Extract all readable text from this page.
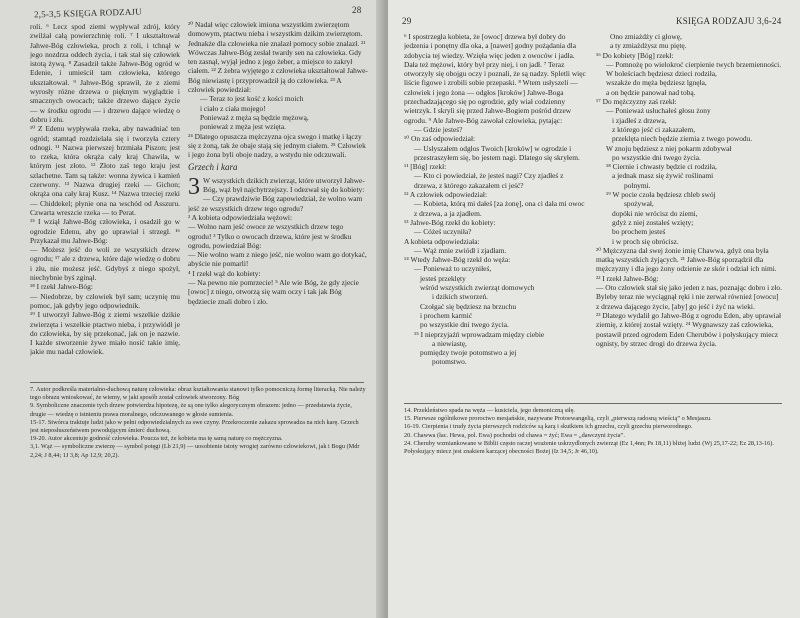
2,5-3,5 KSIĘGA RODZAJU	28

roli. ⁶ Lecz spod ziemi wypływał zdrój, który zwilżał całą powierzchnię roli. ⁷ I ukształtował Jahwe-Bóg człowieka, proch z roli, i tchnął w jego nozdrza oddech życia, i tak stał się człowiek istotą żywą. ⁸ Zasadził także Jahwe-Bóg ogród w Edenie, i umieścił tam człowieka, którego ukształtował. ⁹ Jahwe-Bóg sprawił, że z ziemi wyrosły różne drzewa o pięknym wyglądzie i smacznych owocach; także drzewo dające życie — w środku ogrodu — i drzewo dające wiedzę o dobru i złu.

¹⁰ Z Edenu wypływała rzeka, aby nawadniać ten ogród; stamtąd rozdzielała się i tworzyła cztery odnogi. ¹¹ Nazwa pierwszej brzmiała Piszon; jest to rzeka, która okrąża cały kraj Chawila, w którym jest złoto. ¹² Złoto zaś tego kraju jest szlachetne. Tam są także: wonna żywica i kamień czerwony. ¹³ Nazwa drugiej rzeki — Gichon; okrąża ona cały kraj Kusz. ¹⁴ Nazwa trzeciej rzeki — Chiddekel; płynie ona na wschód od Asszuru. Czwarta wreszcie rzeka — to Perat.

¹⁵ I wziął Jahwe-Bóg człowieka, i osadził go w ogrodzie Edenu, aby go uprawiał i strzegł. ¹⁶ Przykazał mu Jahwe-Bóg:

— Możesz jeść do woli ze wszystkich drzew ogrodu; ¹⁷ ale z drzewa, które daje wiedzę o dobru i złu, nie możesz jeść. Gdybyś z niego spożył, niechybnie byś zginął.

¹⁸ I rzekł Jahwe-Bóg:

— Niedobrze, by człowiek był sam; uczynię mu pomoc, jak gdyby jego odpowiednik.

¹⁹ I utworzył Jahwe-Bóg z ziemi wszelkie dzikie zwierzęta i wszelkie ptactwo nieba, i przywiódł je do człowieka, by się przekonać, jak on je nazwie. I każde stworzenie żywe miało nosić takie imię, jakie mu nadał człowiek.

²⁰ Nadał więc człowiek imiona wszystkim zwierzętom domowym, ptactwu nieba i wszystkim dzikim zwierzętom. Jednakże dla człowieka nie znalazł pomocy sobie znalazł. ²¹ Wówczas Jahwe-Bóg zesłał twardy sen na człowieka. Gdy ten zasnął, wyjął jedno z jego żeber, a miejsce to zakrył ciałem. ²² Z żebra wyjętego z człowieka ukształtował Jahwe-Bóg niewiastę i przyprowadził ją do człowieka. ²³ A człowiek powiedział:

— Teraz to jest kość z kości moich

i ciało z ciała mojego!

Ponieważ z męża są będzie mężową,

ponieważ z męża jest wzięta.

²⁴ Dlatego opuszcza mężczyzna ojca swego i matkę i łączy się z żoną, tak że obaje stają się jednym ciałem. ²⁵ Człowiek i jego żona byli oboje nadzy, a wstydu nie odczuwali.

Grzech i kara

3 W wszystkich dzikich zwierząt, które utworzył Jahwe-Bóg, wąż był najchytrzejszy. I odezwał się do kobiety:

— Czy prawdziwie Bóg zapowiedział, że wolno wam jeść ze wszystkich drzew tego ogrodu?

² A kobieta odpowiedziała wężowi:

— Wolno nam jeść owoce ze wszystkich drzew tego ogrodu! ³ Tylko o owocach drzewa, które jest w środku ogrodu, powiedział Bóg:

— Nie wolno wam z niego jeść, nie wolno wam go dotykać, abyście nie pomarli!

⁴ I rzekł wąż do kobiety:

— Na pewno nie pomrzecie! ⁵ Ale wie Bóg, że gdy zjecie [owoc] z niego, otworzą się wam oczy i tak jak Bóg będziecie znali dobro i zło.

7. Autor podkreśla materialno-duchową naturę człowieka: obraz kształtowania stanowi tylko pomocniczą formę literacką. Nie należy tego obrazu wnioskować, że wiemy, w jaki sposób został człowiek stworzony. Bóg

9. Symboliczne znaczenie tych drzew potwierdza hipotezę, że są one tylko alegorycznym obrazem: jedno — przedstawia życie, drugie — wiedzę o istnieniu prawa moralnego, odczuwanego w głosie sumienia.

15-17. Stwórca traktuje ludzi jako w pełni odpowiedzialnych za swe czyny. Przekroczenie zakazu sprowadza na nich karę. Grzech jest nieposłuszeństwem powodującym śmierć duchową.

19-20. Autor akcentuje godność człowieka. Poucza też, że kobieta ma tę samą naturę co mężczyzna.

3,1. Wąż — symboliczne zwierzę — symbol potęgi (Lb 21,9) — uosobienie istoty wrogiej zarówno człowiekowi, jak i Bogu (Mdr 2,24; J 8,44; 1J 3,8; Ap 12,9; 20,2).

29	KSIĘGA RODZAJU 3,6-24

⁶ I spostrzegła kobieta, że [owoc] drzewa był dobry do jedzenia i ponętny dla oka, a [nawet] godny pożądania dla zdobycia tej wiedzy. Wzięła więc jeden z owoców i jadła. Dała też mężowi, który był przy niej, i on jadł. ⁷ Teraz otworzyły się obojgu oczy i poznali, że są nadzy. Spletli więc liście figowe i zrobili sobie przepaski. ⁸ Wtem usłyszeli — człowiek i jego żona — odgłos [kroków] Jahwe-Boga przechadzającego się po ogrodzie, gdy wiał codzienny wietrzyk. I skryli się przed Jahwe-Bogiem pośród drzew ogrodu. ⁹ Ale Jahwe-Bóg zawołał człowieka, pytając:

— Gdzie jesteś?

¹⁰ On zaś odpowiedział:

— Usłyszałem odgłos Twoich [kroków] w ogrodzie i przestraszyłem się, bo jestem nagi. Dlatego się skryłem.

¹¹ [Bóg] rzekł:

— Kto ci powiedział, że jesteś nagi? Czy zjadłeś z drzewa, z którego zakazałem ci jeść?

¹² A człowiek odpowiedział:

— Kobieta, którą mi dałeś [za żonę], ona ci dała mi owoc z drzewa, a ja zjadłem.

¹³ Jahwe-Bóg rzekł do kobiety:

— Cóżeś uczyniła?

A kobieta odpowiedziała:

— Wąż mnie zwiódł i zjadłam.

¹⁴ Wtedy Jahwe-Bóg rzekł do węża:

— Ponieważ to uczyniłeś,

jesteś przeklęty

wśród wszystkich zwierząt domowych

i dzikich stworzeń.

Czołgać się będziesz na brzuchu

i prochem karmić

po wszystkie dni twego życia.

¹⁵ I nieprzyjaźń wprowadzam między ciebie

a niewiastę,

pomiędzy twoje potomstwo a jej

potomstwo.

Ono zmiażdży ci głowę,

a ty zmiażdżysz mu piętę.

¹⁶ Do kobiety [Bóg] rzekł:

— Pomnożę po wielokroć cierpienie twych brzemienności.

W boleściach będziesz dzieci rodziła,

wszakże do męża będziesz lgnęła,

a on będzie panował nad tobą.

¹⁷ Do mężczyzny zaś rzekł:

— Ponieważ usłuchałeś głosu żony

i zjadłeś z drzewa,

z którego jeść ci zakazałem,

przeklęta niech będzie ziemia z twego powodu.

W znoju będziesz z niej pokarm zdobywał

po wszystkie dni twego życia.

¹⁸ Ciernie i chwasty będzie ci rodziła,

a jednak masz się żywić roślinami

polnymi.

¹⁹ W pocie czoła będziesz chleb swój

spożywał,

dopóki nie wrócisz do ziemi,

gdyż z niej zostałeś wzięty;

bo prochem jesteś

i w proch się obrócisz.

²⁰ Mężczyzna dał swej żonie imię Chawwa, gdyż ona była matką wszystkich żyjących. ²¹ Jahwe-Bóg sporządził dla mężczyzny i dla jego żony odzienie ze skór i odział ich nimi. ²² I rzekł Jahwe-Bóg:

— Oto człowiek stał się jako jeden z nas, poznając dobro i zło. Byleby teraz nie wyciągnął ręki i nie zerwał również [owocu] z drzewa dającego życie, [aby] go jeść i żyć na wieki.

²³ Dlatego wydalił go Jahwe-Bóg z ogrodu Eden, aby uprawiał ziemię, z której został wzięty. ²⁴ Wygnawszy zaś człowieka, postawił przed ogrodem Eden Cherubów i połyskujący miecz ognisty, by strzec drogi do drzewa życia.

14. Przekleństwo spada na węża — kusiciela, jego demoniczną siłę.

15. Pierwsze ogólnikowe proroctwo mesjańskie, nazywane Protoewangelią, czyli „pierwszą radosną wieścią” o Mesjaszu.

16-19. Cierpienia i trudy życia pierwszych rodziców są karą i skutkiem ich grzechu, czyli grzechu pierworodnego.

20. Chawwa (łac. Hewa, pol. Ewa) pochodzi od chawa = żyć; Ewa = „dawczyni życia”.

24. Cheruby wzmiankowane w Biblii często raczej wrażenie uskrzydlonych zwierząt (Ez 1,4nn; Ps 18,11) bliżej ludzi (Wj 25,17-22; Ez 28,13-16). Połyskujący miecz jest znakiem karzącej obecności Bożej (Iz 34,5; Jr 46,10).
